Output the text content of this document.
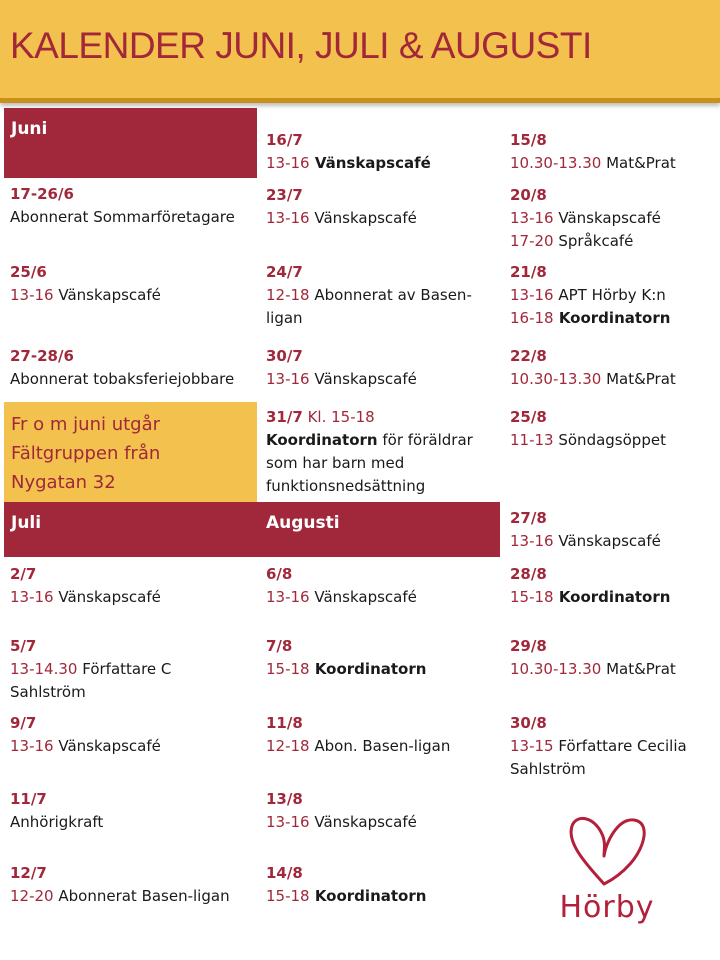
KALENDER JUNI, JULI & AUGUSTI
Juni
Juli	Augusti
Fr o m juni utgår
Fältgruppen från
Nygatan 32
17-26/6
Abonnerat Sommarföretagare
25/6
13-16 Vänskapscafé
27-28/6
Abonnerat tobaksferiejobbare
2/7
13-16 Vänskapscafé
5/7
13-14.30 Författare C
Sahlström
9/7
13-16 Vänskapscafé
11/7
Anhörigkraft
12/7
12-20 Abonnerat Basen-ligan
16/7
13-16 Vänskapscafé
23/7
13-16 Vänskapscafé
24/7
12-18 Abonnerat av Basen-
ligan
30/7
13-16 Vänskapscafé
31/7 Kl. 15-18
Koordinatorn för föräldrar
som har barn med
funktionsnedsättning
6/8
13-16 Vänskapscafé
7/8
15-18 Koordinatorn
11/8
12-18 Abon. Basen-ligan
13/8
13-16 Vänskapscafé
14/8
15-18 Koordinatorn
15/8
10.30-13.30 Mat&Prat
20/8
13-16 Vänskapscafé
17-20 Språkcafé
21/8
13-16 APT Hörby K:n
16-18 Koordinatorn
22/8
10.30-13.30 Mat&Prat
25/8
11-13 Söndagsöppet
27/8
13-16 Vänskapscafé
28/8
15-18 Koordinatorn
29/8
10.30-13.30 Mat&Prat
30/8
13-15 Författare Cecilia
Sahlström
Hörby
